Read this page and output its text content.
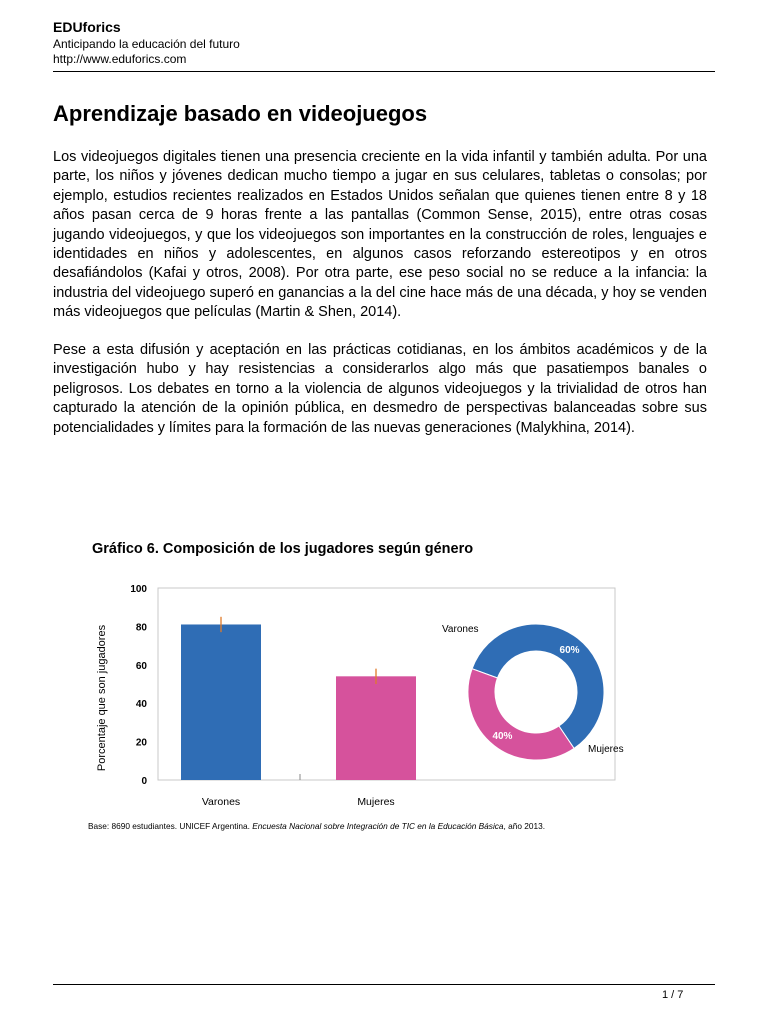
EDUforics
Anticipando la educación del futuro
http://www.eduforics.com
Aprendizaje basado en videojuegos

Los videojuegos digitales tienen una presencia creciente en la vida infantil y también adulta. Por una parte, los niños y jóvenes dedican mucho tiempo a jugar en sus celulares, tabletas o consolas; por ejemplo, estudios recientes realizados en Estados Unidos señalan que quienes tienen entre 8 y 18 años pasan cerca de 9 horas frente a las pantallas (Common Sense, 2015), entre otras cosas jugando videojuegos, y que los videojuegos son importantes en la construcción de roles, lenguajes e identidades en niños y adolescentes, en algunos casos reforzando estereotipos y en otros desafiándolos (Kafai y otros, 2008). Por otra parte, ese peso social no se reduce a la infancia: la industria del videojuego superó en ganancias a la del cine hace más de una década, y hoy se venden más videojuegos que películas (Martin & Shen, 2014).

Pese a esta difusión y aceptación en las prácticas cotidianas, en los ámbitos académicos y de la investigación hubo y hay resistencias a considerarlos algo más que pasatiempos banales o peligrosos. Los debates en torno a la violencia de algunos videojuegos y la trivialidad de otros han capturado la atención de la opinión pública, en desmedro de perspectivas balanceadas sobre sus potencialidades y límites para la formación de las nuevas generaciones (Malykhina, 2014).

Gráfico 6. Composición de los jugadores según género
0
20
40
60
80
100
Porcentaje que son jugadores
Varones	Mujeres
60%
40%
Varones
Mujeres
Base: 8690 estudiantes. UNICEF Argentina. Encuesta Nacional sobre Integración de TIC en la Educación Básica, año 2013.
1 / 7
